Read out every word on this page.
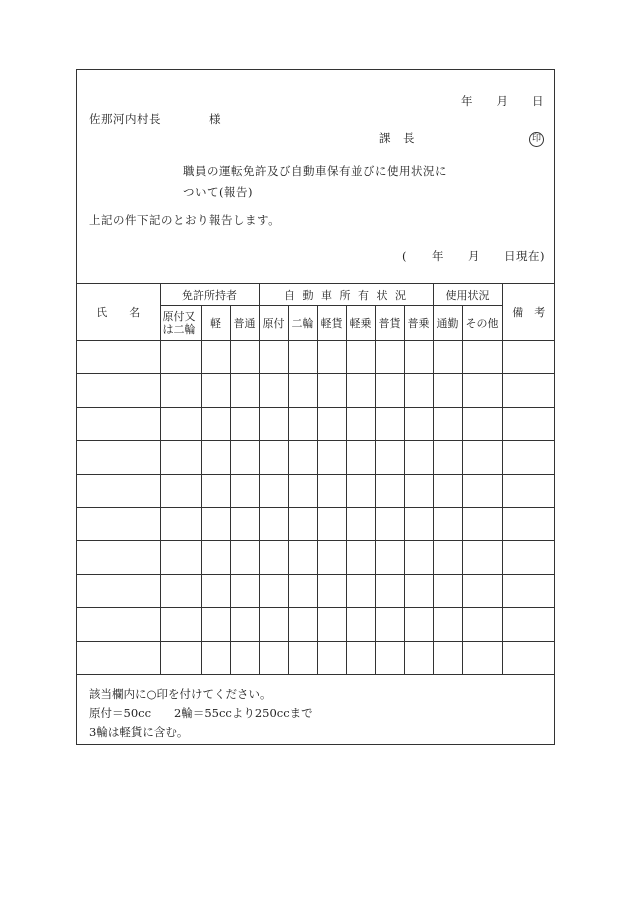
年 月 日
佐那河内村長	様
課 長	印
職員の運転免許及び自動車保有並びに使用状況に
ついて(報告)
上記の件下記のとおり報告します。
( 年 月 日現在)
氏　　名	免許所持者			自 動 車 所 有 状 況						使用状況		備　考
	原付又は二輪	軽	普通	原付	二輪	軽貨	軽乗	普貨	普乗	通勤	その他	

該当欄内に○印を付けてください。
原付＝50cc　　2輪＝55ccより250ccまで
3輪は軽貨に含む。
